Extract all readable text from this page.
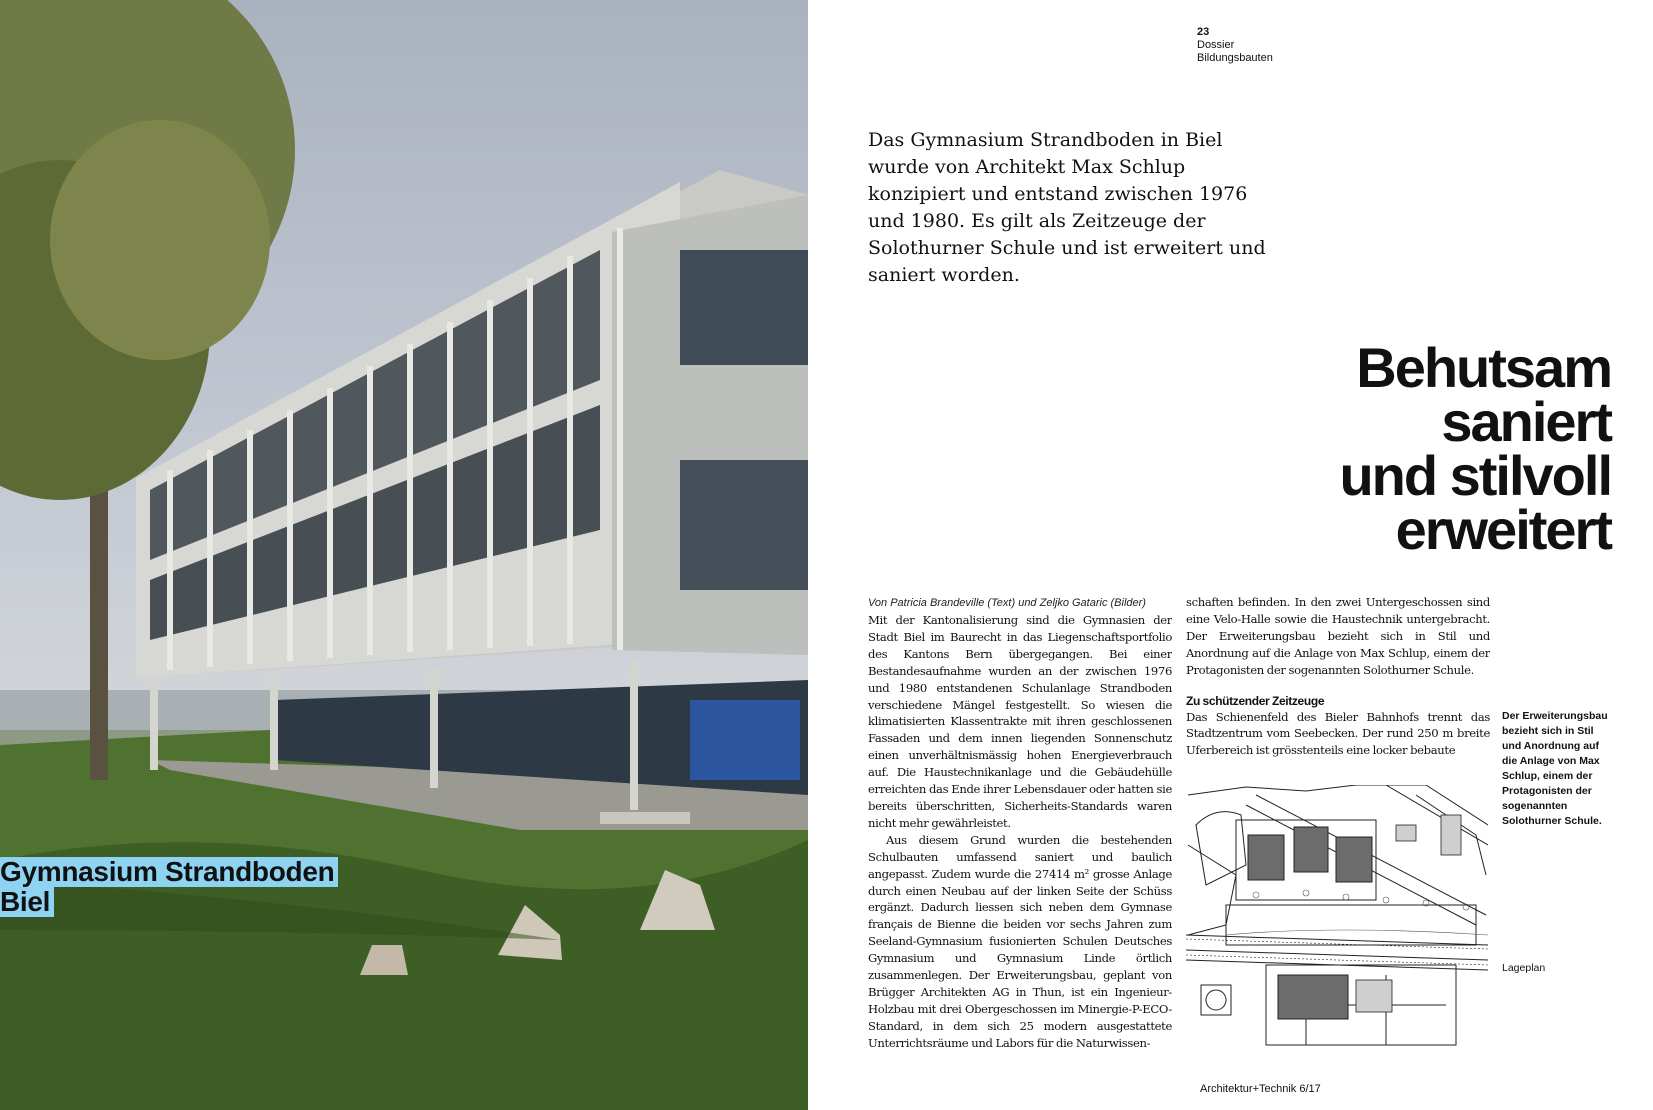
Gymnasium Strandboden
Biel
23
Dossier
Bildungsbauten
Das Gymnasium Strandboden in Biel wurde von Architekt Max Schlup konzipiert und entstand zwischen 1976 und 1980. Es gilt als Zeitzeuge der Solothurner Schule und ist erweitert und saniert worden.
Behutsam
saniert
und stilvoll
erweitert
Von Patricia Brandeville (Text) und Zeljko Gataric (Bilder)

Mit der Kantonalisierung sind die Gymnasien der Stadt Biel im Baurecht in das Liegenschaftsportfolio des Kantons Bern übergegangen. Bei einer Bestandesaufnahme wurden an der zwischen 1976 und 1980 entstandenen Schulanlage Strandboden verschiedene Mängel festgestellt. So wiesen die klimatisierten Klassentrakte mit ihren geschlossenen Fassaden und dem innen liegenden Sonnenschutz einen unverhältnismässig hohen Energieverbrauch auf. Die Haustechnikanlage und die Gebäudehülle erreichten das Ende ihrer Lebensdauer oder hatten sie bereits überschritten, Sicherheits-Standards waren nicht mehr gewährleistet.

Aus diesem Grund wurden die bestehenden Schulbauten umfassend saniert und baulich angepasst. Zudem wurde die 27414 m² grosse Anlage durch einen Neubau auf der linken Seite der Schüss ergänzt. Dadurch liessen sich neben dem Gymnase français de Bienne die beiden vor sechs Jahren zum Seeland-Gymnasium fusionierten Schulen Deutsches Gymnasium und Gymnasium Linde örtlich zusammenlegen. Der Erweiterungsbau, geplant von Brügger Architekten AG in Thun, ist ein Ingenieur-Holzbau mit drei Obergeschossen im Minergie-P-ECO-Standard, in dem sich 25 modern ausgestattete Unterrichtsräume und Labors für die Naturwissen-

schaften befinden. In den zwei Untergeschossen sind eine Velo-Halle sowie die Haustechnik untergebracht. Der Erweiterungsbau bezieht sich in Stil und Anordnung auf die Anlage von Max Schlup, einem der Protagonisten der sogenannten Solothurner Schule.

Zu schützender Zeitzeuge

Das Schienenfeld des Bieler Bahnhofs trennt das Stadtzentrum vom Seebecken. Der rund 250 m breite Uferbereich ist grösstenteils eine locker bebaute

Der Erweiterungsbau bezieht sich in Stil und Anordnung auf die Anlage von Max Schlup, einem der Protagonisten der sogenannten Solothurner Schule.
Lageplan
Architektur+Technik 6/17
